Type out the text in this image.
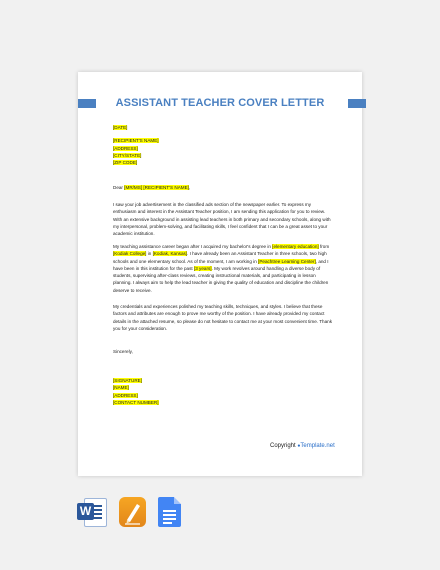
ASSISTANT TEACHER COVER LETTER

[DATE]

[RECIPIENT'S NAME]

[ADDRESS]

[CITY/STATE]

[ZIP CODE]

Dear [MR/MS] [RECIPIENT'S NAME],
I saw your job advertisement in the classified ads section of the newspaper earlier. To express my enthusiasm and interest in the Assistant Teacher position, I am sending this application for you to review. With an extensive background in assisting lead teachers in both primary and secondary schools, along with my interpersonal, problem-solving, and facilitating skills, I feel confident that I can be a great asset to your academic institution.
My teaching assistance career began after I acquired my bachelor's degree in [elementary education] from [Kodiak College] in [Kodiak, Kansas]. I have already been an Assistant Teacher in three schools, two high schools and one elementary school. As of the moment, I am working in [Peachtree Learning Center], and I have been in this institution for the past [3 years]. My work revolves around handling a diverse body of students, supervising after-class reviews, creating instructional materials, and participating in lesson planning. I always aim to help the lead teacher in giving the quality of education and discipline the children deserve to receive.
My credentials and experiences polished my teaching skills, techniques, and styles. I believe that these factors and attributes are enough to prove me worthy of the position. I have already provided my contact details in the attached resume, so please do not hesitate to contact me at your most convenient time. Thank you for your consideration.
Sincerely,

[SIGNATURE]

[NAME]

[ADDRESS]

[CONTACT NUMBER]

Copyright ●Template.net
W
